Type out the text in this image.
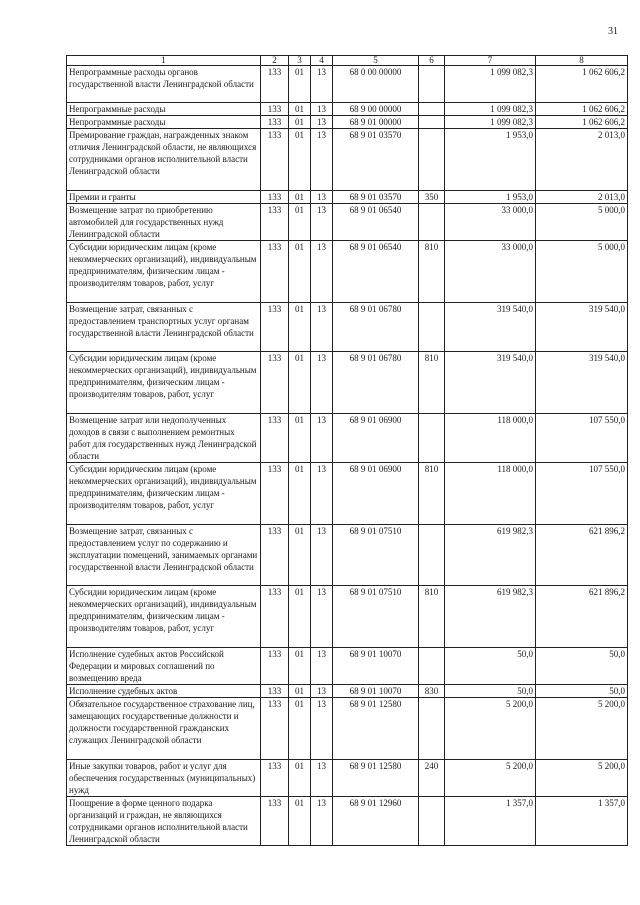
31
1	2	3	4	5	6	7	8
Непрограммные расходы органов государственной власти Ленинградской области	133	01	13	68 0 00 00000		1 099 082,3	1 062 606,2
Непрограммные расходы	133	01	13	68 9 00 00000		1 099 082,3	1 062 606,2
Непрограммные расходы	133	01	13	68 9 01 00000		1 099 082,3	1 062 606,2
Премирование граждан, награжденных знаком отличия Ленинградской области, не являющихся сотрудниками органов исполнительной власти Ленинградской области	133	01	13	68 9 01 03570		1 953,0	2 013,0
Премии и гранты	133	01	13	68 9 01 03570	350	1 953,0	2 013,0
Возмещение затрат по приобретению автомобилей для государственных нужд Ленинградской области	133	01	13	68 9 01 06540		33 000,0	5 000,0
Субсидии юридическим лицам (кроме некоммерческих организаций), индивидуальным предпринимателям, физическим лицам - производителям товаров, работ, услуг	133	01	13	68 9 01 06540	810	33 000,0	5 000,0
Возмещение затрат, связанных с предоставлением транспортных услуг органам государственной власти Ленинградской области	133	01	13	68 9 01 06780		319 540,0	319 540,0
Субсидии юридическим лицам (кроме некоммерческих организаций), индивидуальным предпринимателям, физическим лицам - производителям товаров, работ, услуг	133	01	13	68 9 01 06780	810	319 540,0	319 540,0
Возмещение затрат или недополученных доходов в связи с выполнением ремонтных работ для государственных нужд Ленинградской области	133	01	13	68 9 01 06900		118 000,0	107 550,0
Субсидии юридическим лицам (кроме некоммерческих организаций), индивидуальным предпринимателям, физическим лицам - производителям товаров, работ, услуг	133	01	13	68 9 01 06900	810	118 000,0	107 550,0
Возмещение затрат, связанных с предоставлением услуг по содержанию и эксплуатации помещений, занимаемых органами государственной власти Ленинградской области	133	01	13	68 9 01 07510		619 982,3	621 896,2
Субсидии юридическим лицам (кроме некоммерческих организаций), индивидуальным предпринимателям, физическим лицам - производителям товаров, работ, услуг	133	01	13	68 9 01 07510	810	619 982,3	621 896,2
Исполнение судебных актов Российской Федерации и мировых соглашений по возмещению вреда	133	01	13	68 9 01 10070		50,0	50,0
Исполнение судебных актов	133	01	13	68 9 01 10070	830	50,0	50,0
Обязательное государственное страхование лиц, замещающих государственные должности и должности государственной гражданских служащих Ленинградской области	133	01	13	68 9 01 12580		5 200,0	5 200,0
Иные закупки товаров, работ и услуг для обеспечения государственных (муниципальных) нужд	133	01	13	68 9 01 12580	240	5 200,0	5 200,0
Поощрение в форме ценного подарка организаций и граждан, не являющихся сотрудниками органов исполнительной власти Ленинградской области	133	01	13	68 9 01 12960		1 357,0	1 357,0
